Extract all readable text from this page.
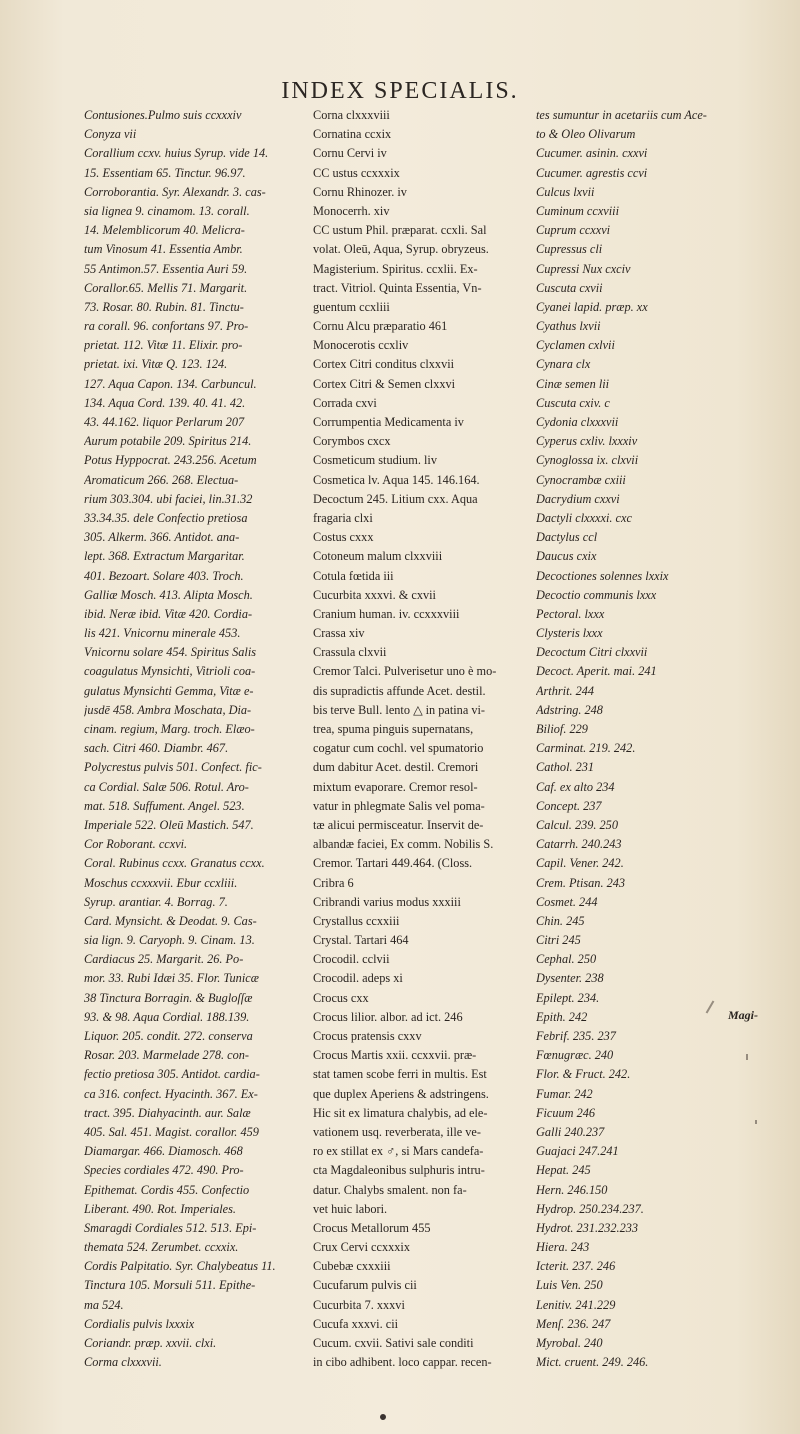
INDEX SPECIALIS.
Contusiones.Pulmo suis ccxxxiv
Conyza vii
Corallium ccxv. huius Syrup. vide 14.
15. Essentiam 65. Tinctur. 96.97.
Corroborantia. Syr. Alexandr. 3. cas-
sia lignea 9. cinamom. 13. corall.
14. Melemblicorum 40. Melicra-
tum Vinosum 41. Essentia Ambr.
55 Antimon.57. Essentia Auri 59.
Corallor.65. Mellis 71. Margarit.
73. Rosar. 80. Rubin. 81. Tinctu-
ra corall. 96. confortans 97. Pro-
prietat. 112. Vitæ 11. Elixir. pro-
prietat. ixi. Vitæ Q. 123. 124.
127. Aqua Capon. 134. Carbuncul.
134. Aqua Cord. 139. 40. 41. 42.
43. 44.162. liquor Perlarum 207
Aurum potabile 209. Spiritus 214.
Potus Hyppocrat. 243.256. Acetum
Aromaticum 266. 268. Electua-
rium 303.304. ubi faciei, lin.31.32
33.34.35. dele Confectio pretiosa
305. Alkerm. 366. Antidot. ana-
lept. 368. Extractum Margaritar.
401. Bezoart. Solare 403. Troch.
Galliæ Mosch. 413. Alipta Mosch.
ibid. Neræ ibid. Vitæ 420. Cordia-
lis 421. Vnicornu minerale 453.
Vnicornu solare 454. Spiritus Salis
coagulatus Mynsichti, Vitrioli coa-
gulatus Mynsichti Gemma, Vitæ e-
jusdē 458. Ambra Moschata, Dia-
cinam. regium, Marg. troch. Elæo-
sach. Citri 460. Diambr. 467.
Polycrestus pulvis 501. Confect. fic-
ca Cordial. Salæ 506. Rotul. Aro-
mat. 518. Suffument. Angel. 523.
Imperiale 522. Oleū Mastich. 547.
Cor Roborant. ccxvi.
Coral. Rubinus ccxx. Granatus ccxx.
Moschus ccxxxvii. Ebur ccxliii.
Syrup. arantiar. 4. Borrag. 7.
Card. Mynsicht. & Deodat. 9. Cas-
sia lign. 9. Caryoph. 9. Cinam. 13.
Cardiacus 25. Margarit. 26. Po-
mor. 33. Rubi Idæi 35. Flor. Tunicæ
38 Tinctura Borragin. & Bugloſſæ
93. & 98. Aqua Cordial. 188.139.
Liquor. 205. condit. 272. conserva
Rosar. 203. Marmelade 278. con-
fectio pretiosa 305. Antidot. cardia-
ca 316. confect. Hyacinth. 367. Ex-
tract. 395. Diahyacinth. aur. Salæ
405. Sal. 451. Magist. corallor. 459
Diamargar. 466. Diamosch. 468
Species cordiales 472. 490. Pro-
Epithemat. Cordis 455. Confectio
Liberant. 490. Rot. Imperiales.
Smaragdi Cordiales 512. 513. Epi-
themata 524. Zerumbet. ccxxix.
Cordis Palpitatio. Syr. Chalybeatus 11.
Tinctura 105. Morsuli 511. Epithe-
ma 524.
Cordialis pulvis lxxxix
Coriandr. præp. xxvii. clxi.
Corma clxxxvii.
Corna clxxxviii
Cornatina ccxix
Cornu Cervi iv
CC ustus ccxxxix
Cornu Rhinozer. iv
Monocerrh. xiv
CC ustum Phil. præparat. ccxli. Sal
volat. Oleū, Aqua, Syrup. obryzeus.
Magisterium. Spiritus. ccxlii. Ex-
tract. Vitriol. Quinta Essentia, Vn-
guentum ccxliii
Cornu Alcu præparatio 461
Monocerotis ccxliv
Cortex Citri conditus clxxvii
Cortex Citri & Semen clxxvi
Corrada cxvi
Corrumpentia Medicamenta iv
Corymbos cxcx
Cosmeticum studium. liv
Cosmetica lv. Aqua 145. 146.164.
Decoctum 245. Litium cxx. Aqua
fragaria clxi
Costus cxxx
Cotoneum malum clxxviii
Cotula fœtida iii
Cucurbita xxxvi. & cxvii
Cranium human. iv. ccxxxviii
Crassa xiv
Crassula clxvii
Cremor Talci. Pulverisetur uno è mo-
dis supradictis affunde Acet. destil.
bis terve Bull. lento △ in patina vi-
trea, spuma pinguis supernatans,
cogatur cum cochl. vel spumatorio
dum dabitur Acet. destil. Cremori
mixtum evaporare. Cremor resol-
vatur in phlegmate Salis vel poma-
tæ alicui permisceatur. Inservit de-
albandæ faciei, Ex comm. Nobilis S.
Cremor. Tartari 449.464. (Closs.
Cribra 6
Cribrandi varius modus xxxiii
Crystallus ccxxiii
Crystal. Tartari 464
Crocodil. cclvii
Crocodil. adeps xi
Crocus cxx
Crocus lilior. albor. ad ict. 246
Crocus pratensis cxxv
Crocus Martis xxii. ccxxvii. præ-
stat tamen scobe ferri in multis. Est
que duplex Aperiens & adstringens.
Hic sit ex limatura chalybis, ad ele-
vationem usq. reverberata, ille ve-
ro ex stillat ex ♂, si Mars candefa-
cta Magdaleonibus sulphuris intru-
datur. Chalybs smalent. non fa-
vet huic labori.
Crocus Metallorum 455
Crux Cervi ccxxxix
Cubebæ cxxxiii
Cucufarum pulvis cii
Cucurbita 7. xxxvi
Cucufa xxxvi. cii
Cucum. cxvii. Sativi sale conditi
in cibo adhibent. loco cappar. recen-
tes sumuntur in acetariis cum Ace-
to & Oleo Olivarum
Cucumer. asinin. cxxvi
Cucumer. agrestis ccvi
Culcus lxvii
Cuminum ccxviii
Cuprum ccxxvi
Cupressus cli
Cupressi Nux cxciv
Cuscuta cxvii
Cyanei lapid. præp. xx
Cyathus lxvii
Cyclamen cxlvii
Cynara clx
Cinæ semen lii
Cuscuta cxiv. c
Cydonia clxxxvii
Cyperus cxliv. lxxxiv
Cynoglossa ix. clxvii
Cynocrambæ cxiii
Dacrydium cxxvi
Dactyli clxxxxi. cxc
Dactylus ccl
Daucus cxix
Decoctiones solennes lxxix
Decoctio communis lxxx
Pectoral. lxxx
Clysteris lxxx
Decoctum Citri clxxvii
Decoct. Aperit. mai. 241
Arthrit. 244
Adstring. 248
Biliof. 229
Carminat. 219. 242.
Cathol. 231
Caf. ex alto 234
Concept. 237
Calcul. 239. 250
Catarrh. 240.243
Capil. Vener. 242.
Crem. Ptisan. 243
Cosmet. 244
Chin. 245
Citri 245
Cephal. 250
Dysenter. 238
Epilept. 234.
Epith. 242
Febrif. 235. 237
Fœnugræc. 240
Flor. & Fruct. 242.
Fumar. 242
Ficuum 246
Galli 240.237
Guajaci 247.241
Hepat. 245
Hern. 246.150
Hydrop. 250.234.237.
Hydrot. 231.232.233
Hiera. 243
Icterit. 237. 246
Luis Ven. 250
Lenitiv. 241.229
Menſ. 236. 247
Myrobal. 240
Mict. cruent. 249. 246.
Magi-
